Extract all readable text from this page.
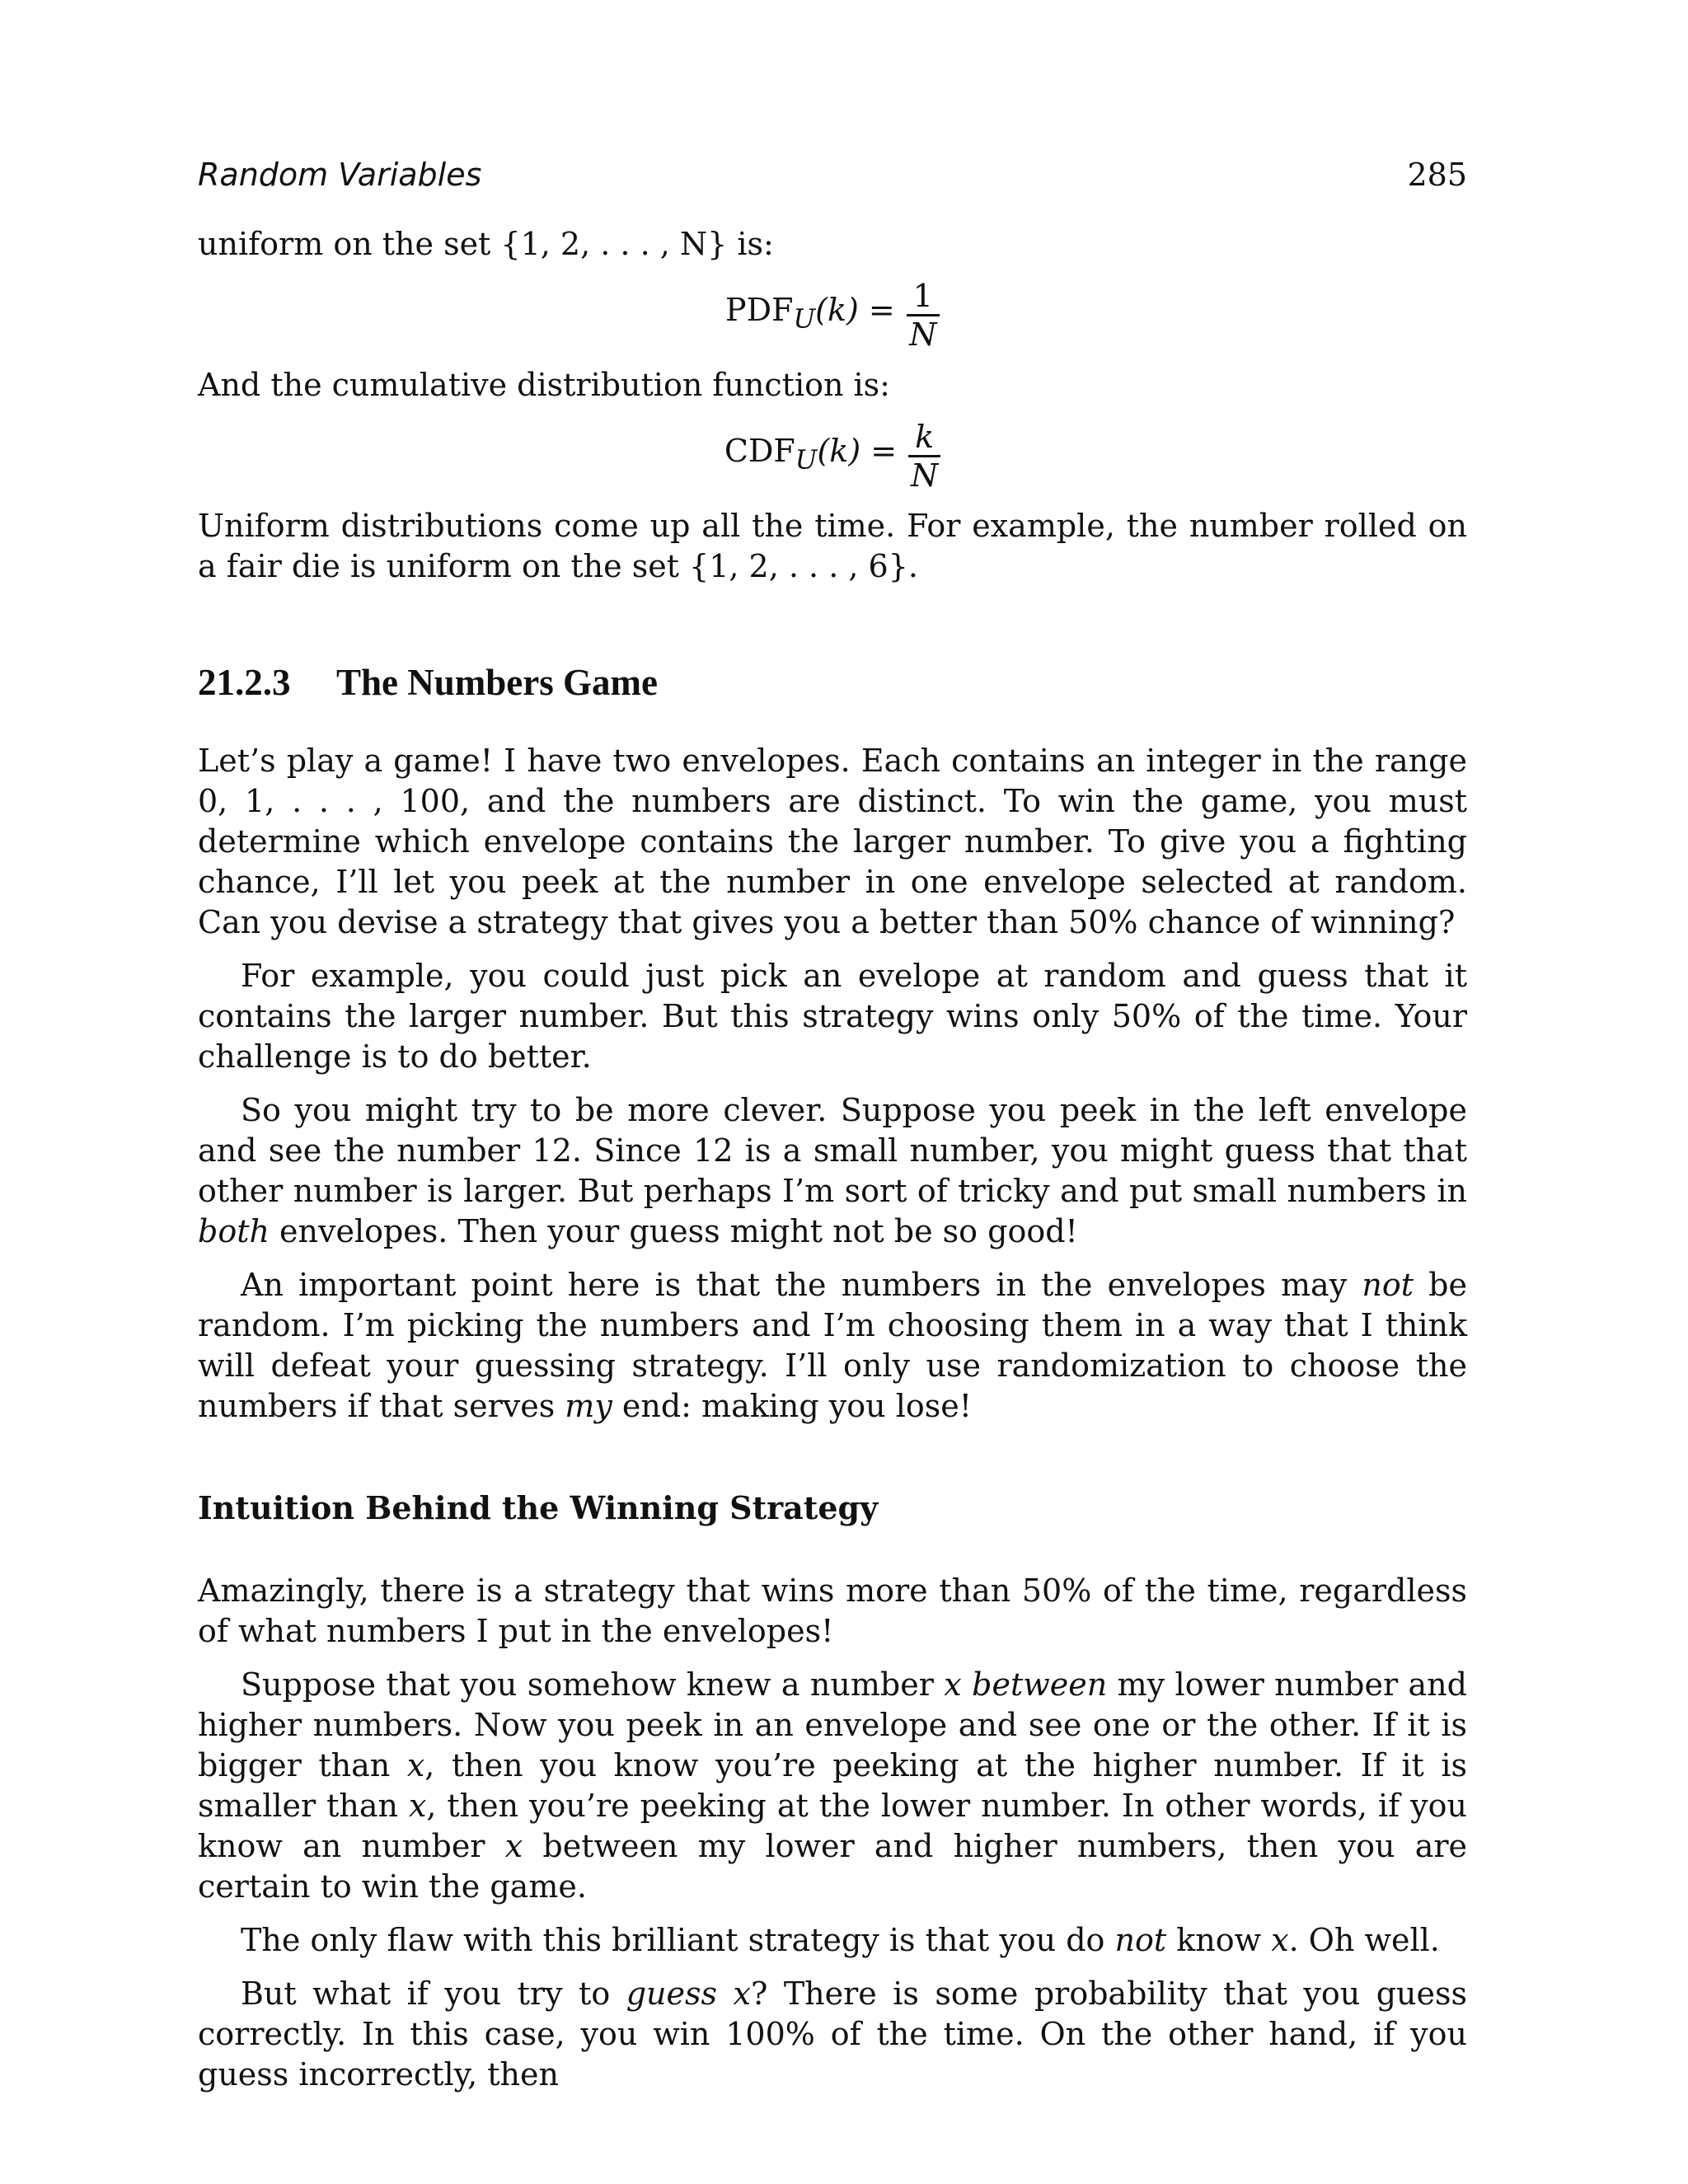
Random Variables	285

uniform on the set {1, 2, . . . , N} is:

$PDF_U(k) = \frac{1}{N}$

And the cumulative distribution function is:

$CDF_U(k) = \frac{k}{N}$

Uniform distributions come up all the time. For example, the number rolled on a fair die is uniform on the set {1, 2, . . . , 6}.

21.2.3 The Numbers Game

Let’s play a game! I have two envelopes. Each contains an integer in the range 0, 1, . . . , 100, and the numbers are distinct. To win the game, you must determine which envelope contains the larger number. To give you a fighting chance, I’ll let you peek at the number in one envelope selected at random. Can you devise a strategy that gives you a better than 50% chance of winning?

For example, you could just pick an evelope at random and guess that it contains the larger number. But this strategy wins only 50% of the time. Your challenge is to do better.

So you might try to be more clever. Suppose you peek in the left envelope and see the number 12. Since 12 is a small number, you might guess that that other number is larger. But perhaps I’m sort of tricky and put small numbers in both envelopes. Then your guess might not be so good!

An important point here is that the numbers in the envelopes may not be random. I’m picking the numbers and I’m choosing them in a way that I think will defeat your guessing strategy. I’ll only use randomization to choose the numbers if that serves my end: making you lose!

Intuition Behind the Winning Strategy

Amazingly, there is a strategy that wins more than 50% of the time, regardless of what numbers I put in the envelopes!

Suppose that you somehow knew a number x between my lower number and higher numbers. Now you peek in an envelope and see one or the other. If it is bigger than x, then you know you’re peeking at the higher number. If it is smaller than x, then you’re peeking at the lower number. In other words, if you know an number x between my lower and higher numbers, then you are certain to win the game.

The only flaw with this brilliant strategy is that you do not know x. Oh well.

But what if you try to guess x? There is some probability that you guess correctly. In this case, you win 100% of the time. On the other hand, if you guess incorrectly, then
